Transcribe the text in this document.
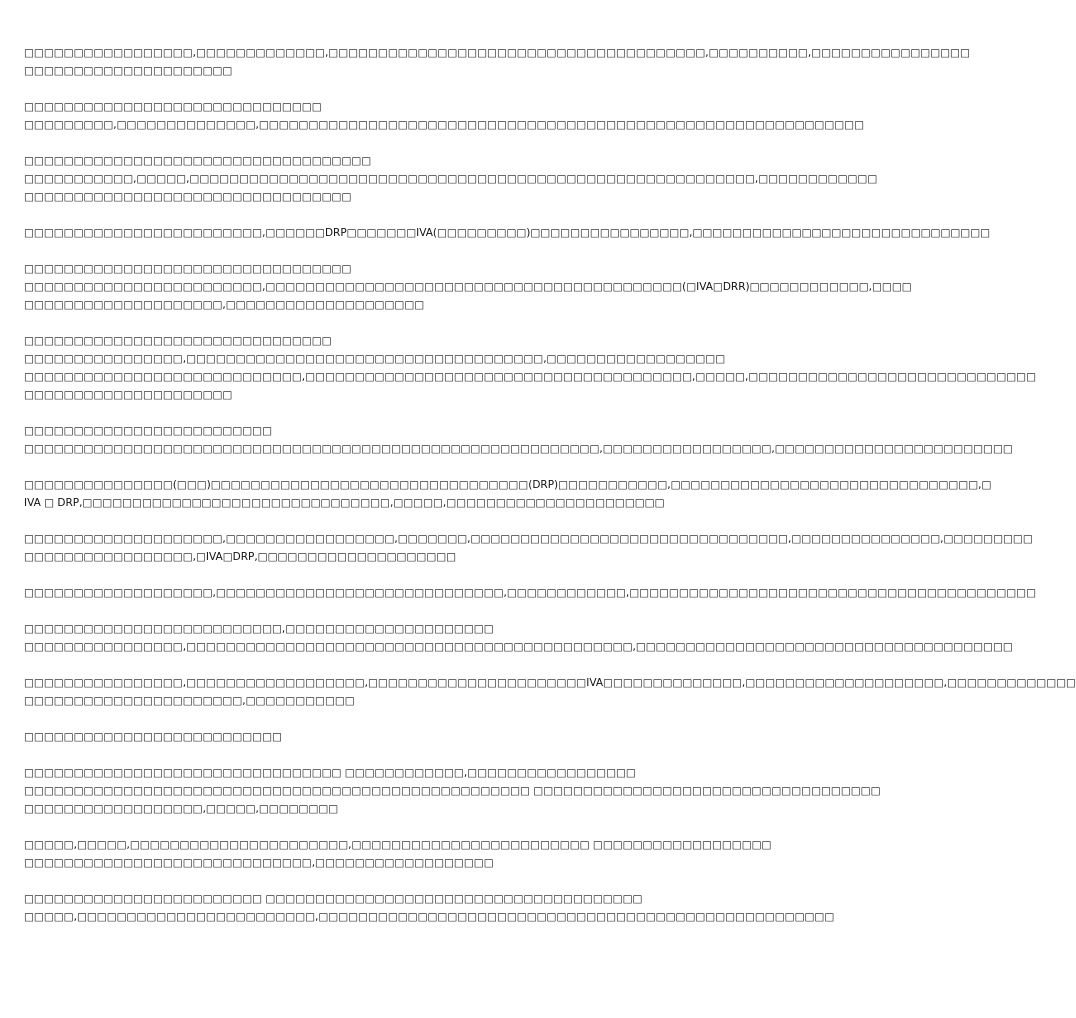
□□□□□□□□□□□□□□□□□,□□□□□□□□□□□□□,□□□□□□□□□□□□□□□□□□□□□□□□□□□□□□□□□□□□□□,□□□□□□□□□□,□□□□□□□□□□□□□□□□
□□□□□□□□□□□□□□□□□□□□□

□□□□□□□□□□□□□□□□□□□□□□□□□□□□□□
□□□□□□□□□,□□□□□□□□□□□□□□,□□□□□□□□□□□□□□□□□□□□□□□□□□□□□□□□□□□□□□□□□□□□□□□□□□□□□□□□□□□□□

□□□□□□□□□□□□□□□□□□□□□□□□□□□□□□□□□□□
□□□□□□□□□□□,□□□□□,□□□□□□□□□□□□□□□□□□□□□□□□□□□□□□□□□□□□□□□□□□□□□□□□□□□□□□□□□,□□□□□□□□□□□□
□□□□□□□□□□□□□□□□□□□□□□□□□□□□□□□□□

□□□□□□□□□□□□□□□□□□□□□□□□,□□□□□□DRP□□□□□□□IVA(□□□□□□□□□)□□□□□□□□□□□□□□□□,□□□□□□□□□□□□□□□□□□□□□□□□□□□□□□

□□□□□□□□□□□□□□□□□□□□□□□□□□□□□□□□□
□□□□□□□□□□□□□□□□□□□□□□□□,□□□□□□□□□□□□□□□□□□□□□□□□□□□□□□□□□□□□□□□□□□(□IVA□DRR)□□□□□□□□□□□□,□□□□
□□□□□□□□□□□□□□□□□□□□,□□□□□□□□□□□□□□□□□□□□

□□□□□□□□□□□□□□□□□□□□□□□□□□□□□□□
□□□□□□□□□□□□□□□□,□□□□□□□□□□□□□□□□□□□□□□□□□□□□□□□□□□□□,□□□□□□□□□□□□□□□□□□
□□□□□□□□□□□□□□□□□□□□□□□□□□□□,□□□□□□□□□□□□□□□□□□□□□□□□□□□□□□□□□□□□□□□,□□□□□,□□□□□□□□□□□□□□□□□□□□□□□□□□□□□
□□□□□□□□□□□□□□□□□□□□□

□□□□□□□□□□□□□□□□□□□□□□□□□
□□□□□□□□□□□□□□□□□□□□□□□□□□□□□□□□□□□□□□□□□□□□□□□□□□□□□□□□□□,□□□□□□□□□□□□□□□□□,□□□□□□□□□□□□□□□□□□□□□□□□

□□□□□□□□□□□□□□□(□□□)□□□□□□□□□□□□□□□□□□□□□□□□□□□□□□□□(DRP)□□□□□□□□□□□,□□□□□□□□□□□□□□□□□□□□□□□□□□□□□□□,□
IVA □ DRP,□□□□□□□□□□□□□□□□□□□□□□□□□□□□□□□,□□□□□,□□□□□□□□□□□□□□□□□□□□□□

□□□□□□□□□□□□□□□□□□□□,□□□□□□□□□□□□□□□□□,□□□□□□□,□□□□□□□□□□□□□□□□□□□□□□□□□□□□□□□□,□□□□□□□□□□□□□□□,□□□□□□□□□
□□□□□□□□□□□□□□□□□,□IVA□DRP,□□□□□□□□□□□□□□□□□□□□

□□□□□□□□□□□□□□□□□□□,□□□□□□□□□□□□□□□□□□□□□□□□□□□□□,□□□□□□□□□□□□,□□□□□□□□□□□□□□□□□□□□□□□□□□□□□□□□□□□□□□□□□

□□□□□□□□□□□□□□□□□□□□□□□□□□,□□□□□□□□□□□□□□□□□□□□□
□□□□□□□□□□□□□□□□,□□□□□□□□□□□□□□□□□□□□□□□□□□□□□□□□□□□□□□□□□□□□□,□□□□□□□□□□□□□□□□□□□□□□□□□□□□□□□□□□□□□□

□□□□□□□□□□□□□□□□,□□□□□□□□□□□□□□□□□□,□□□□□□□□□□□□□□□□□□□□□□IVA□□□□□□□□□□□□□□,□□□□□□□□□□□□□□□□□□□□,□□□□□□□□□□□□□
□□□□□□□□□□□□□□□□□□□□□□,□□□□□□□□□□□

□□□□□□□□□□□□□□□□□□□□□□□□□□

□□□□□□□□□□□□□□□□□□□□□□□□□□□□□□□□ □□□□□□□□□□□□,□□□□□□□□□□□□□□□□□
□□□□□□□□□□□□□□□□□□□□□□□□□□□□□□□□□□□□□□□□□□□□□□□□□□□ □□□□□□□□□□□□□□□□□□□□□□□□□□□□□□□□□□□
□□□□□□□□□□□□□□□□□□,□□□□□,□□□□□□□□

□□□□□,□□□□□,□□□□□□□□□□□□□□□□□□□□□□,□□□□□□□□□□□□□□□□□□□□□□□□ □□□□□□□□□□□□□□□□□□
□□□□□□□□□□□□□□□□□□□□□□□□□□□□□,□□□□□□□□□□□□□□□□□□

□□□□□□□□□□□□□□□□□□□□□□□□ □□□□□□□□□□□□□□□□□□□□□□□□□□□□□□□□□□□□□□
□□□□□,□□□□□□□□□□□□□□□□□□□□□□□□,□□□□□□□□□□□□□□□□□□□□□□□□□□□□□□□□□□□□□□□□□□□□□□□□□□□□
